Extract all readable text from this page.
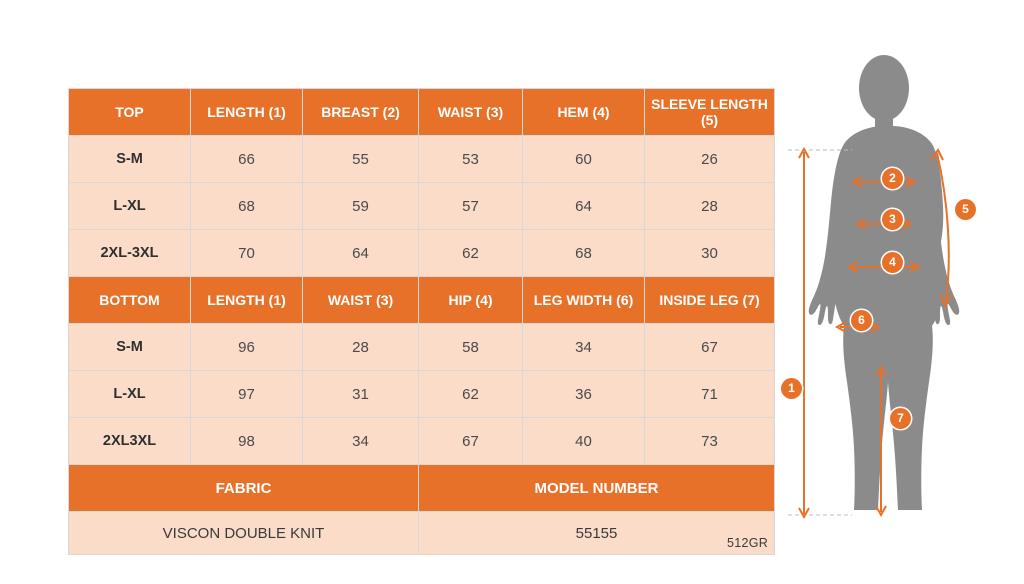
TOP	LENGTH (1)	BREAST (2)	WAIST (3)	HEM (4)	SLEEVE LENGTH (5)
S-M	66	55	53	60	26
L-XL	68	59	57	64	28
2XL-3XL	70	64	62	68	30
BOTTOM	LENGTH (1)	WAIST (3)	HIP (4)	LEG WIDTH (6)	INSIDE LEG (7)
S-M	96	28	58	34	67
L-XL	97	31	62	36	71
2XL3XL	98	34	67	40	73
FABRIC			MODEL NUMBER		
VISCON DOUBLE KNIT			55155		
512GR
1
2
3
4
5
6
7
